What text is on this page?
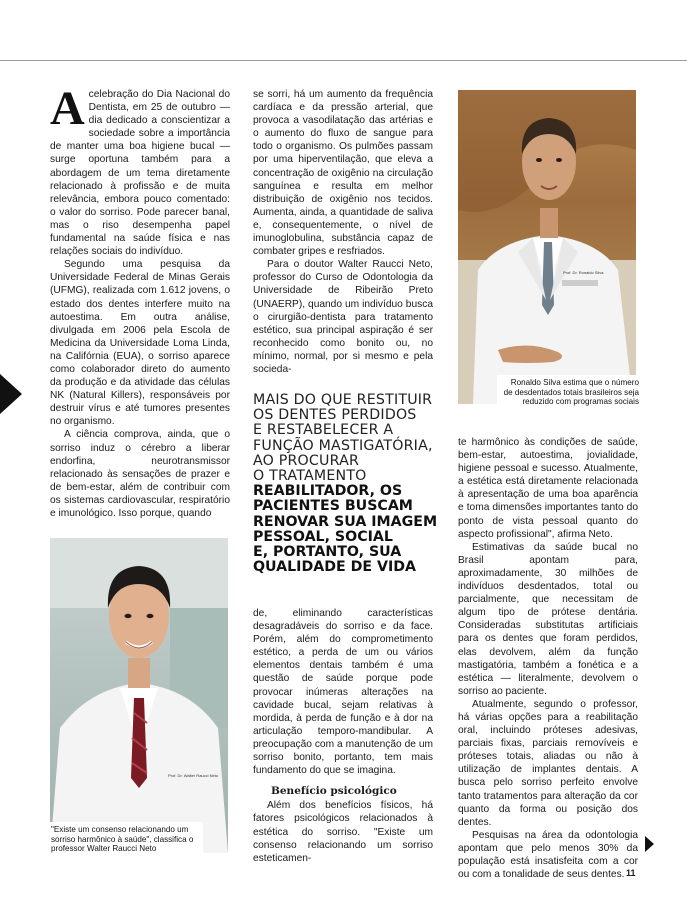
Acelebração do Dia Nacional do Dentista, em 25 de outubro — dia dedicado a conscientizar a sociedade sobre a importância de manter uma boa higiene bucal — surge oportuna também para a abordagem de um tema diretamente relacionado à profissão e de muita relevância, embora pouco comentado: o valor do sorriso. Pode parecer banal, mas o riso desempenha papel fundamental na saúde física e nas relações sociais do indivíduo.

Segundo uma pesquisa da Universidade Federal de Minas Gerais (UFMG), realizada com 1.612 jovens, o estado dos dentes interfere muito na autoestima. Em outra análise, divulgada em 2006 pela Escola de Medicina da Universidade Loma Linda, na Califórnia (EUA), o sorriso aparece como colaborador direto do aumento da produção e da atividade das células NK (Natural Killers), responsáveis por destruir vírus e até tumores presentes no organismo.

A ciência comprova, ainda, que o sorriso induz o cérebro a liberar endorfina, neurotransmissor relacionado às sensações de prazer e de bem-estar, além de contribuir com os sistemas cardiovascular, respiratório e imunológico. Isso porque, quando

se sorri, há um aumento da frequência cardíaca e da pressão arterial, que provoca a vasodilatação das artérias e o aumento do fluxo de sangue para todo o organismo. Os pulmões passam por uma hiperventilação, que eleva a concentração de oxigênio na circulação sanguínea e resulta em melhor distribuição de oxigênio nos tecidos. Aumenta, ainda, a quantidade de saliva e, consequentemente, o nível de imunoglobulina, substância capaz de combater gripes e resfriados.

Para o doutor Walter Raucci Neto, professor do Curso de Odontologia da Universidade de Ribeirão Preto (UNAERP), quando um indivíduo busca o cirurgião-dentista para tratamento estético, sua principal aspiração é ser reconhecido como bonito ou, no mínimo, normal, por si mesmo e pela socieda-

MAIS DO QUE RESTITUIR
OS DENTES PERDIDOS
E RESTABELECER A
FUNÇÃO MASTIGATÓRIA,
AO PROCURAR
O TRATAMENTO
REABILITADOR, OS
PACIENTES BUSCAM
RENOVAR SUA IMAGEM
PESSOAL, SOCIAL
E, PORTANTO, SUA
QUALIDADE DE VIDA

de, eliminando características desagradáveis do sorriso e da face. Porém, além do comprometimento estético, a perda de um ou vários elementos dentais também é uma questão de saúde porque pode provocar inúmeras alterações na cavidade bucal, sejam relativas à mordida, à perda de função e à dor na articulação temporo-mandibular. A preocupação com a manutenção de um sorriso bonito, portanto, tem mais fundamento do que se imagina.

Benefício psicológico

Além dos benefícios físicos, há fatores psicológicos relacionados à estética do sorriso. "Existe um consenso relacionando um sorriso esteticamen-

Prof. Dr. Ronaldo Silva
Ronaldo Silva estima que o número de desdentados totais brasileiros seja reduzido com programas sociais

te harmônico às condições de saúde, bem-estar, autoestima, jovialidade, higiene pessoal e sucesso. Atualmente, a estética está diretamente relacionada à apresentação de uma boa aparência e toma dimensões importantes tanto do ponto de vista pessoal quanto do aspecto profissional", afirma Neto.

Estimativas da saúde bucal no Brasil apontam para, aproximadamente, 30 milhões de indivíduos desdentados, total ou parcialmente, que necessitam de algum tipo de prótese dentária. Consideradas substitutas artificiais para os dentes que foram perdidos, elas devolvem, além da função mastigatória, também a fonética e a estética — literalmente, devolvem o sorriso ao paciente.

Atualmente, segundo o professor, há várias opções para a reabilitação oral, incluindo próteses adesivas, parciais fixas, parciais removíveis e próteses totais, aliadas ou não à utilização de implantes dentais. A busca pelo sorriso perfeito envolve tanto tratamentos para alteração da cor quanto da forma ou posição dos dentes.

Pesquisas na área da odontologia apontam que pelo menos 30% da população está insatisfeita com a cor ou com a tonalidade de seus dentes.

Prof. Dr. Walter Raucci Neto
"Existe um consenso relacionando um sorriso harmônico à saúde", classifica o professor Walter Raucci Neto
11
